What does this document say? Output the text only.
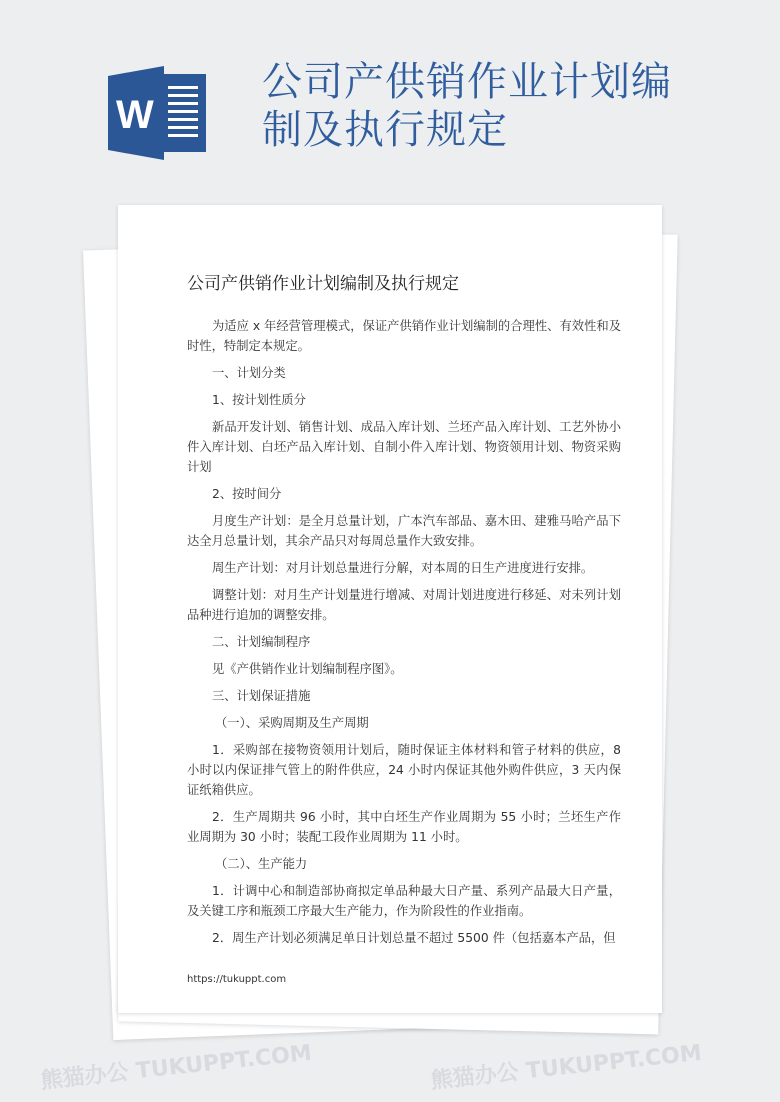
W
公司产供销作业计划编制及执行规定
熊猫办公 TUKUPPT.COM	熊猫办公 TUKUPPT.COM
公司产供销作业计划编制及执行规定

为适应 x 年经营管理模式，保证产供销作业计划编制的合理性、有效性和及时性，特制定本规定。

一、计划分类

1、按计划性质分

新品开发计划、销售计划、成品入库计划、兰坯产品入库计划、工艺外协小件入库计划、白坯产品入库计划、自制小件入库计划、物资领用计划、物资采购计划

2、按时间分

月度生产计划：是全月总量计划，广本汽车部品、嘉木田、建雅马哈产品下达全月总量计划，其余产品只对每周总量作大致安排。

周生产计划：对月计划总量进行分解，对本周的日生产进度进行安排。

调整计划：对月生产计划量进行增减、对周计划进度进行移延、对未列计划品种进行追加的调整安排。

二、计划编制程序

见《产供销作业计划编制程序图》。

三、计划保证措施

（一）、采购周期及生产周期

1．采购部在接物资领用计划后，随时保证主体材料和管子材料的供应，8 小时以内保证排气管上的附件供应，24 小时内保证其他外购件供应，3 天内保证纸箱供应。

2．生产周期共 96 小时，其中白坯生产作业周期为 55 小时；兰坯生产作业周期为 30 小时；装配工段作业周期为 11 小时。

（二）、生产能力

1．计调中心和制造部协商拟定单品种最大日产量、系列产品最大日产量，及关键工序和瓶颈工序最大生产能力，作为阶段性的作业指南。

2．周生产计划必须满足单日计划总量不超过 5500 件（包括嘉本产品，但

https://tukuppt.com
